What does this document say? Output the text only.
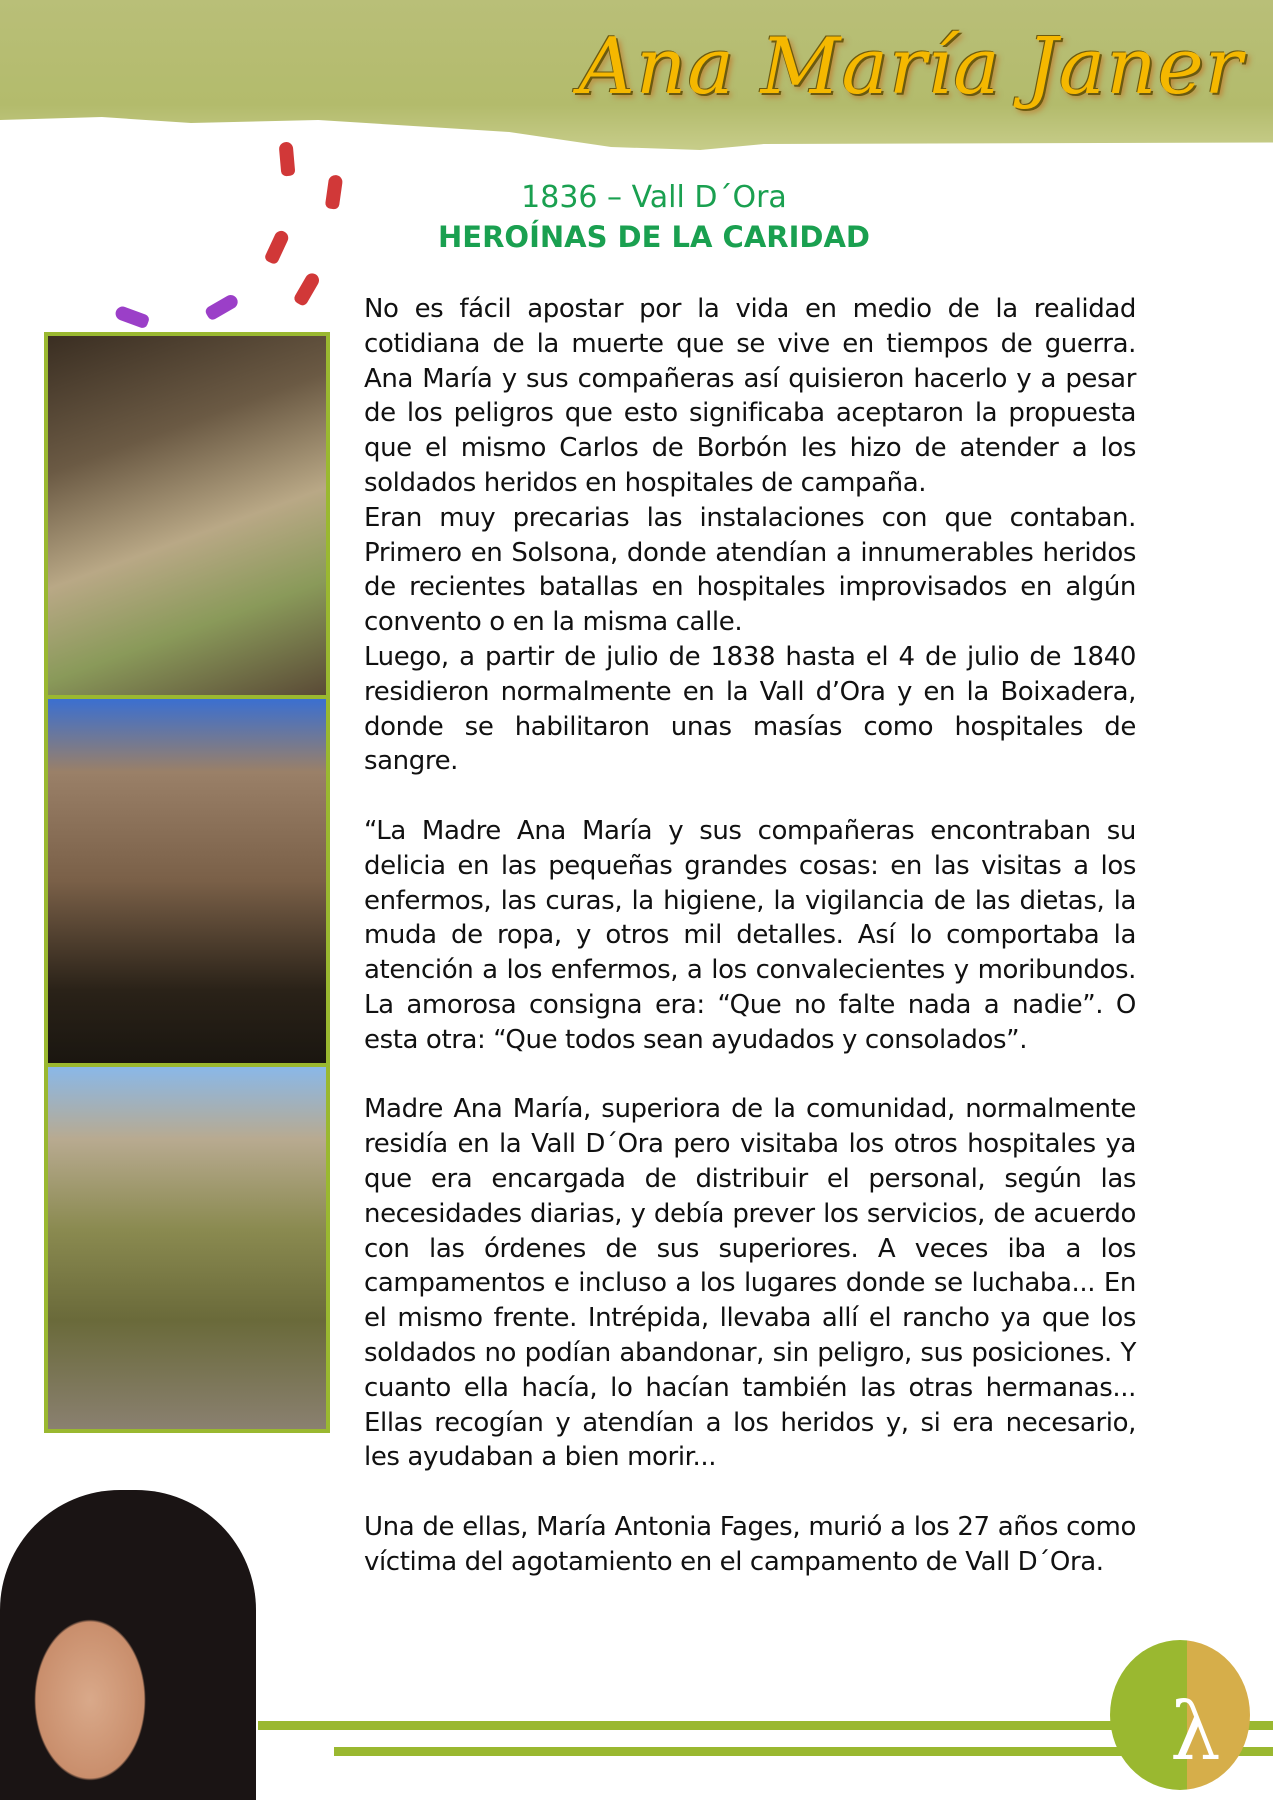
Ana María Janer
1836 – Vall D´Ora
HEROÍNAS DE LA CARIDAD

No es fácil apostar por la vida en medio de la realidad cotidiana de la muerte que se vive en tiempos de guerra. Ana María y sus compañeras así quisieron hacerlo y a pesar de los peligros que esto significaba aceptaron la propuesta que el mismo Carlos de Borbón les hizo de atender a los soldados heridos en hospitales de campaña.

Eran muy precarias las instalaciones con que contaban. Primero en Solsona, donde atendían a innumerables heridos de recientes batallas en hospitales improvisados en algún convento o en la misma calle.

Luego, a partir de julio de 1838 hasta el 4 de julio de 1840 residieron normalmente en la Vall d’Ora y en la Boixadera, donde se habilitaron unas masías como hospitales de sangre.

“La Madre Ana María y sus compañeras encontraban su delicia en las pequeñas grandes cosas: en las visitas a los enfermos, las curas, la higiene, la vigilancia de las dietas, la muda de ropa, y otros mil detalles. Así lo comportaba la atención a los enfermos, a los convalecientes y moribundos. La amorosa consigna era: “Que no falte nada a nadie”. O esta otra: “Que todos sean ayudados y consolados”.

Madre Ana María, superiora de la comunidad, normalmente residía en la Vall D´Ora pero visitaba los otros hospitales ya que era encargada de distribuir el personal, según las necesidades diarias, y debía prever los servicios, de acuerdo con las órdenes de sus superiores. A veces iba a los campamentos e incluso a los lugares donde se luchaba... En el mismo frente. Intrépida, llevaba allí el rancho ya que los soldados no podían abandonar, sin peligro, sus posiciones. Y cuanto ella hacía, lo hacían también las otras hermanas... Ellas recogían y atendían a los heridos y, si era necesario, les ayudaban a bien morir...

Una de ellas, María Antonia Fages, murió a los 27 años como víctima del agotamiento en el campamento de Vall D´Ora.

λ
